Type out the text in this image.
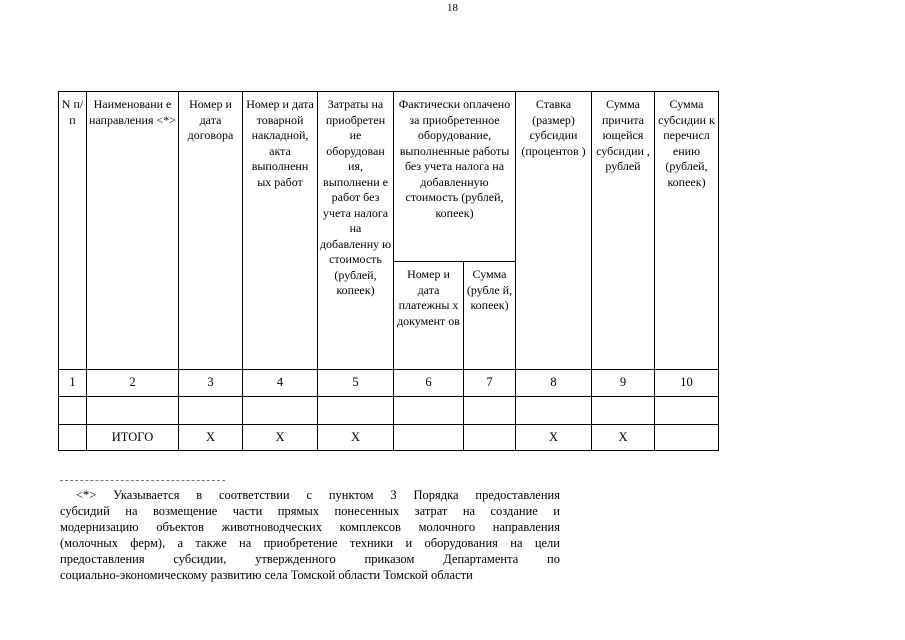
18
N п/п	Наименовани е направления <*>	Номер и дата договора	Номер и дата товарной накладной, акта выполненн ых работ	Затраты на приобретен ие оборудован ия, выполнени е работ без учета налога на добавленну ю стоимость (рублей, копеек)	Фактически оплачено за приобретенное оборудование, выполненные работы без учета налога на добавленную стоимость (рублей, копеек)		Ставка (размер) субсидии (процентов )	Сумма причита ющейся субсидии , рублей	Сумма субсидии к перечисл ению (рублей, копеек)
					Номер и дата платежны х документ ов	Сумма (рубле й, копеек)			
1	2	3	4	5	6	7	8	9	10

	ИТОГО	Х	Х	Х			Х	Х	
<*> Указывается в соответствии с пунктом 3 Порядка предоставления
субсидий на возмещение части прямых понесенных затрат на создание и
модернизацию объектов животноводческих комплексов молочного направления
(молочных ферм), а также на приобретение техники и оборудования на цели
предоставления субсидии, утвержденного приказом Департамента по
социально-экономическому развитию села Томской области Томской области
